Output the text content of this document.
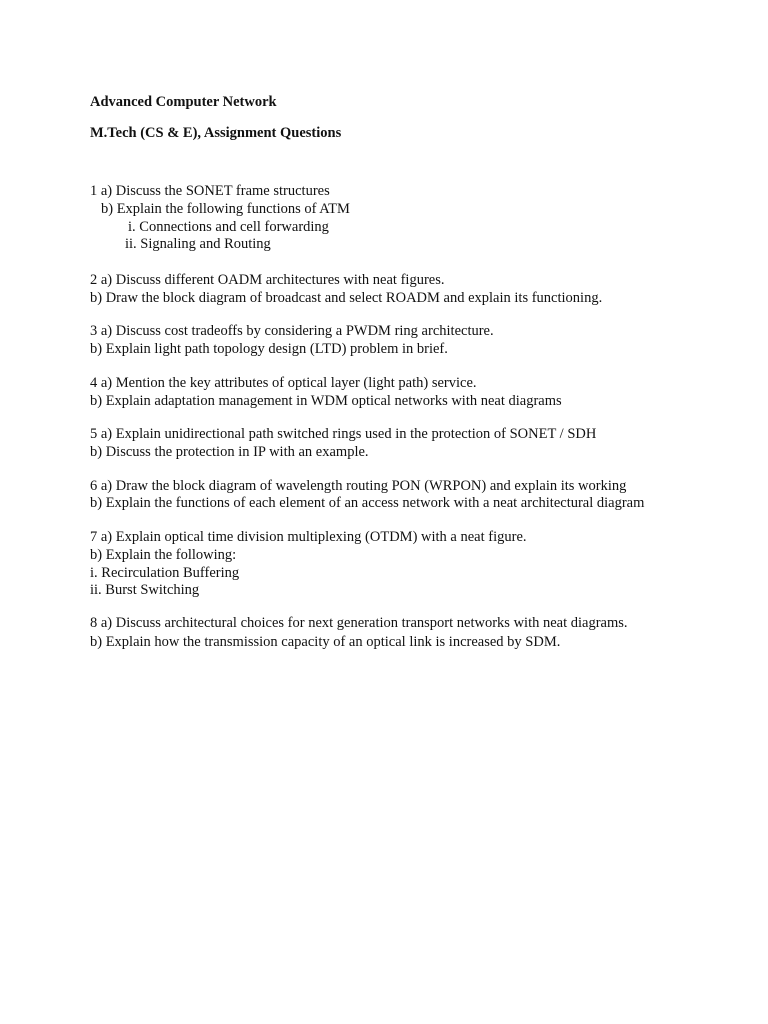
Advanced Computer Network
M.Tech (CS & E), Assignment Questions
1 a) Discuss the SONET frame structures
b) Explain the following functions of ATM
i. Connections and cell forwarding
ii. Signaling and Routing
2 a) Discuss different OADM architectures with neat figures.
b) Draw the block diagram of broadcast and select ROADM and explain its functioning.
3 a) Discuss cost tradeoffs by considering a PWDM ring architecture.
b) Explain light path topology design (LTD) problem in brief.
4 a) Mention the key attributes of optical layer (light path) service.
b) Explain adaptation management in WDM optical networks with neat diagrams
5 a) Explain unidirectional path switched rings used in the protection of SONET / SDH
b) Discuss the protection in IP with an example.
6 a) Draw the block diagram of wavelength routing PON (WRPON) and explain its working
b) Explain the functions of each element of an access network with a neat architectural diagram
7 a) Explain optical time division multiplexing (OTDM) with a neat figure.
b) Explain the following:
i. Recirculation Buffering
ii. Burst Switching
8 a) Discuss architectural choices for next generation transport networks with neat diagrams.
b) Explain how the transmission capacity of an optical link is increased by SDM.
